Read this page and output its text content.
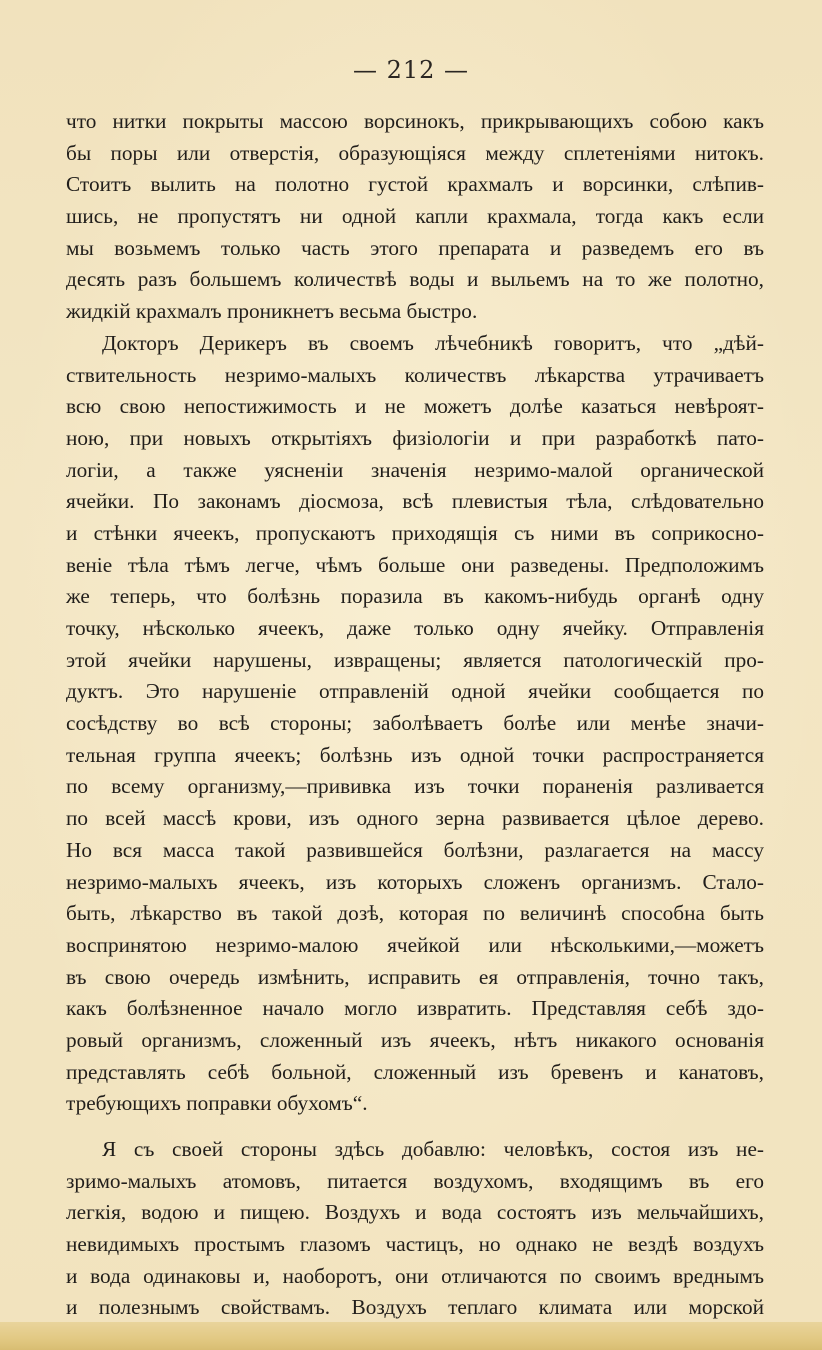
— 212 —
что нитки покрыты массою ворсинокъ, прикрывающихъ собою какъ
бы поры или отверстія, образующіяся между сплетеніями нитокъ.
Стоитъ вылить на полотно густой крахмалъ и ворсинки, слѣпив-
шись, не пропустятъ ни одной капли крахмала, тогда какъ если
мы возьмемъ только часть этого препарата и разведемъ его въ
десять разъ большемъ количествѣ воды и выльемъ на то же полотно,
жидкій крахмалъ проникнетъ весьма быстро.
Докторъ Дерикеръ въ своемъ лѣчебникѣ говоритъ, что „дѣй-
ствительность незримо-малыхъ количествъ лѣкарства утрачиваетъ
всю свою непостижимость и не можетъ долѣе казаться невѣроят-
ною, при новыхъ открытіяхъ физіологіи и при разработкѣ пато-
логіи, а также уясненіи значенія незримо-малой органической
ячейки. По законамъ діосмоза, всѣ плевистыя тѣла, слѣдовательно
и стѣнки ячеекъ, пропускаютъ приходящія съ ними въ соприкосно-
веніе тѣла тѣмъ легче, чѣмъ больше они разведены. Предположимъ
же теперь, что болѣзнь поразила въ какомъ-нибудь органѣ одну
точку, нѣсколько ячеекъ, даже только одну ячейку. Отправленія
этой ячейки нарушены, извращены; является патологическій про-
дуктъ. Это нарушеніе отправленій одной ячейки сообщается по
сосѣдству во всѣ стороны; заболѣваетъ болѣе или менѣе значи-
тельная группа ячеекъ; болѣзнь изъ одной точки распространяется
по всему организму,—прививка изъ точки пораненія разливается
по всей массѣ крови, изъ одного зерна развивается цѣлое дерево.
Но вся масса такой развившейся болѣзни, разлагается на массу
незримо-малыхъ ячеекъ, изъ которыхъ сложенъ организмъ. Стало-
быть, лѣкарство въ такой дозѣ, которая по величинѣ способна быть
воспринятою незримо-малою ячейкой или нѣсколькими,—можетъ
въ свою очередь измѣнить, исправить ея отправленія, точно такъ,
какъ болѣзненное начало могло извратить. Представляя себѣ здо-
ровый организмъ, сложенный изъ ячеекъ, нѣтъ никакого основанія
представлять себѣ больной, сложенный изъ бревенъ и канатовъ,
требующихъ поправки обухомъ“.
Я съ своей стороны здѣсь добавлю: человѣкъ, состоя изъ не-
зримо-малыхъ атомовъ, питается воздухомъ, входящимъ въ его
легкія, водою и пищею. Воздухъ и вода состоятъ изъ мельчайшихъ,
невидимыхъ простымъ глазомъ частицъ, но однако не вездѣ воздухъ
и вода одинаковы и, наоборотъ, они отличаются по своимъ вреднымъ
и полезнымъ свойствамъ. Воздухъ теплаго климата или морской
